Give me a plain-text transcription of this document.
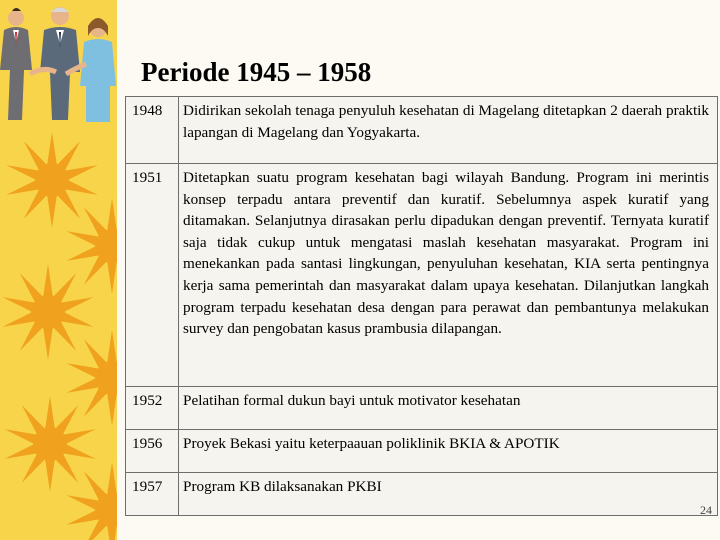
Periode 1945 – 1958
1948	Didirikan sekolah tenaga penyuluh kesehatan di Magelang ditetapkan 2 daerah praktik lapangan di Magelang dan Yogyakarta.
1951	Ditetapkan suatu program kesehatan bagi wilayah Bandung. Program ini merintis konsep terpadu antara preventif dan kuratif. Sebelumnya aspek kuratif yang ditamakan. Selanjutnya dirasakan perlu dipadukan dengan preventif. Ternyata kuratif saja tidak cukup untuk mengatasi maslah kesehatan masyarakat. Program ini menekankan pada santasi lingkungan, penyuluhan kesehatan, KIA serta pentingnya kerja sama pemerintah dan masyarakat dalam upaya kesehatan. Dilanjutkan langkah program terpadu kesehatan desa dengan para perawat dan pembantunya melakukan survey dan pengobatan kasus prambusia dilapangan.
1952	Pelatihan formal dukun bayi untuk motivator kesehatan
1956	Proyek Bekasi yaitu keterpaauan poliklinik BKIA & APOTIK
1957	Program KB dilaksanakan PKBI
24
